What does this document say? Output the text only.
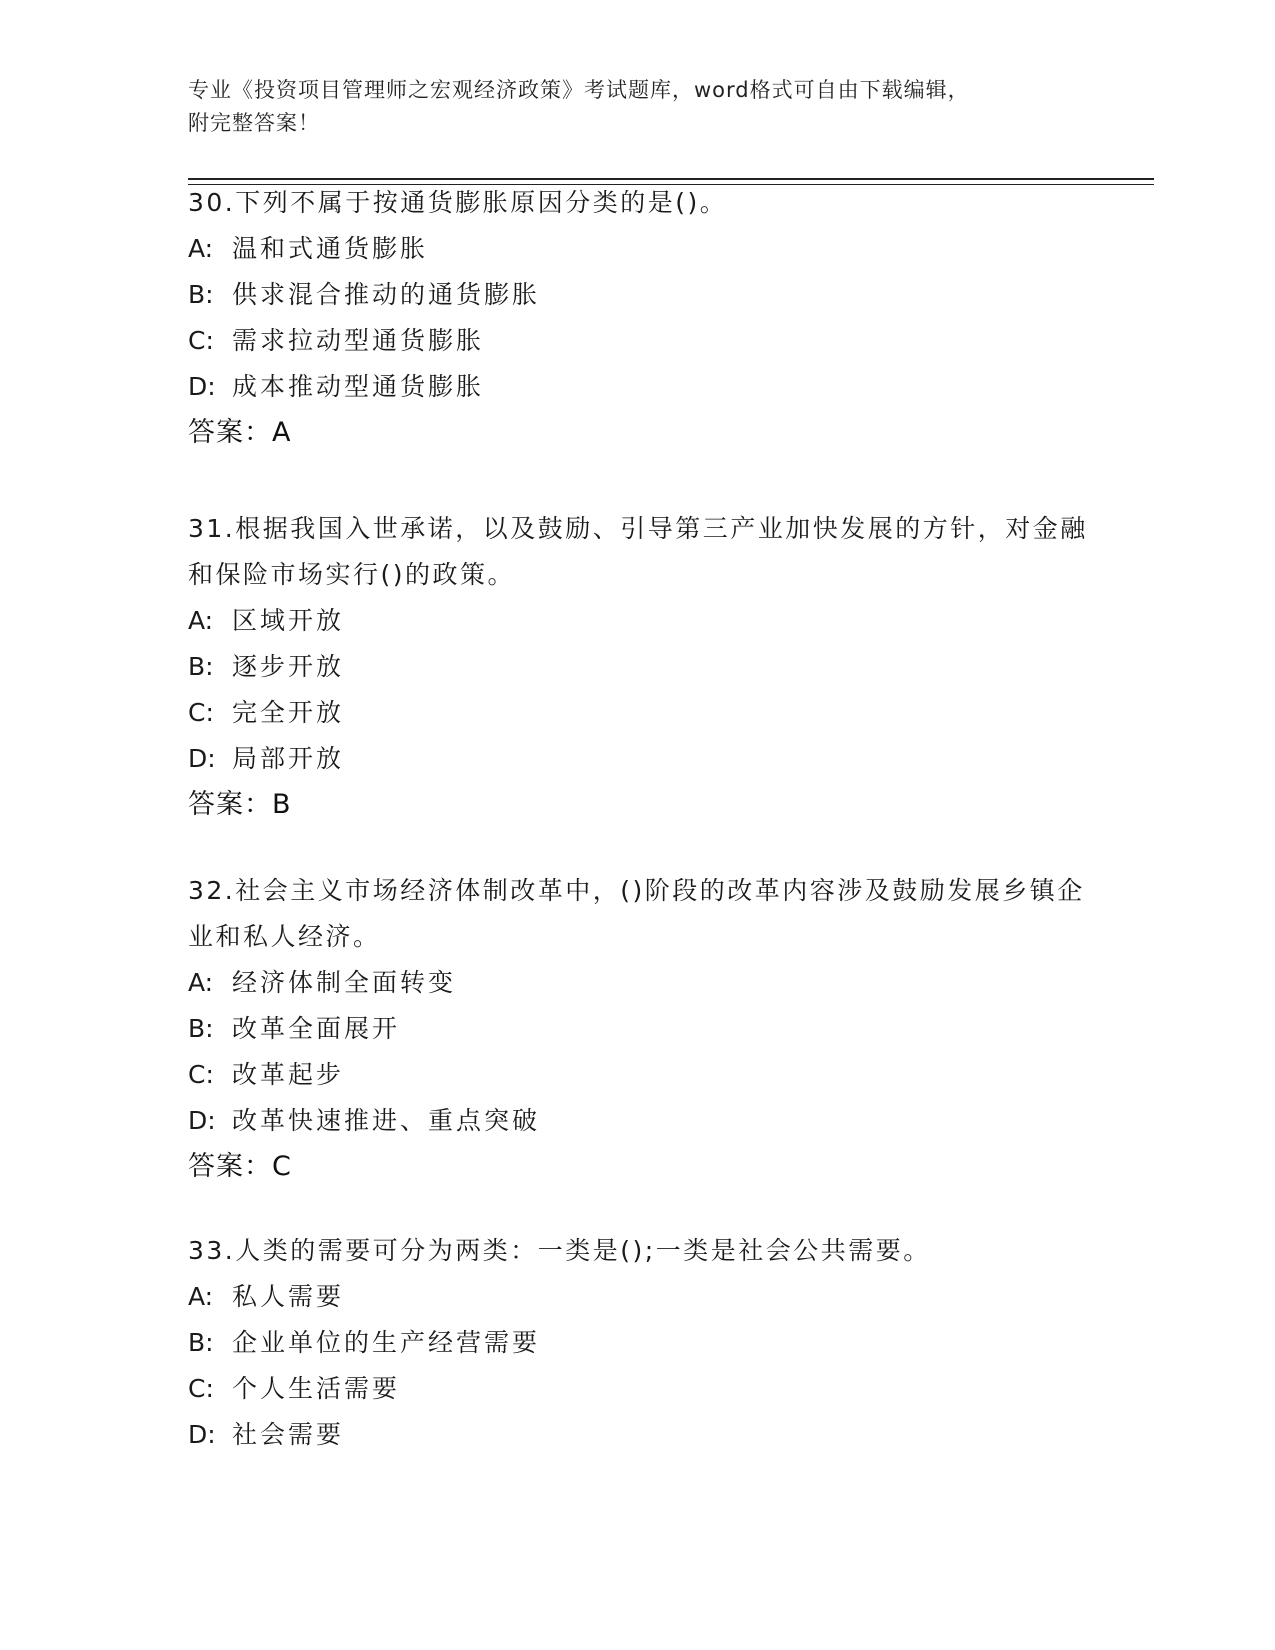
专业《投资项目管理师之宏观经济政策》考试题库，word格式可自由下载编辑，
附完整答案！

30.下列不属于按通货膨胀原因分类的是()。

A: 温和式通货膨胀

B: 供求混合推动的通货膨胀

C: 需求拉动型通货膨胀

D: 成本推动型通货膨胀

答案：A

31.根据我国入世承诺，以及鼓励、引导第三产业加快发展的方针，对金融和保险市场实行()的政策。

A: 区域开放

B: 逐步开放

C: 完全开放

D: 局部开放

答案：B

32.社会主义市场经济体制改革中，()阶段的改革内容涉及鼓励发展乡镇企业和私人经济。

A: 经济体制全面转变

B: 改革全面展开

C: 改革起步

D: 改革快速推进、重点突破

答案：C

33.人类的需要可分为两类：一类是();一类是社会公共需要。

A: 私人需要

B: 企业单位的生产经营需要

C: 个人生活需要

D: 社会需要
